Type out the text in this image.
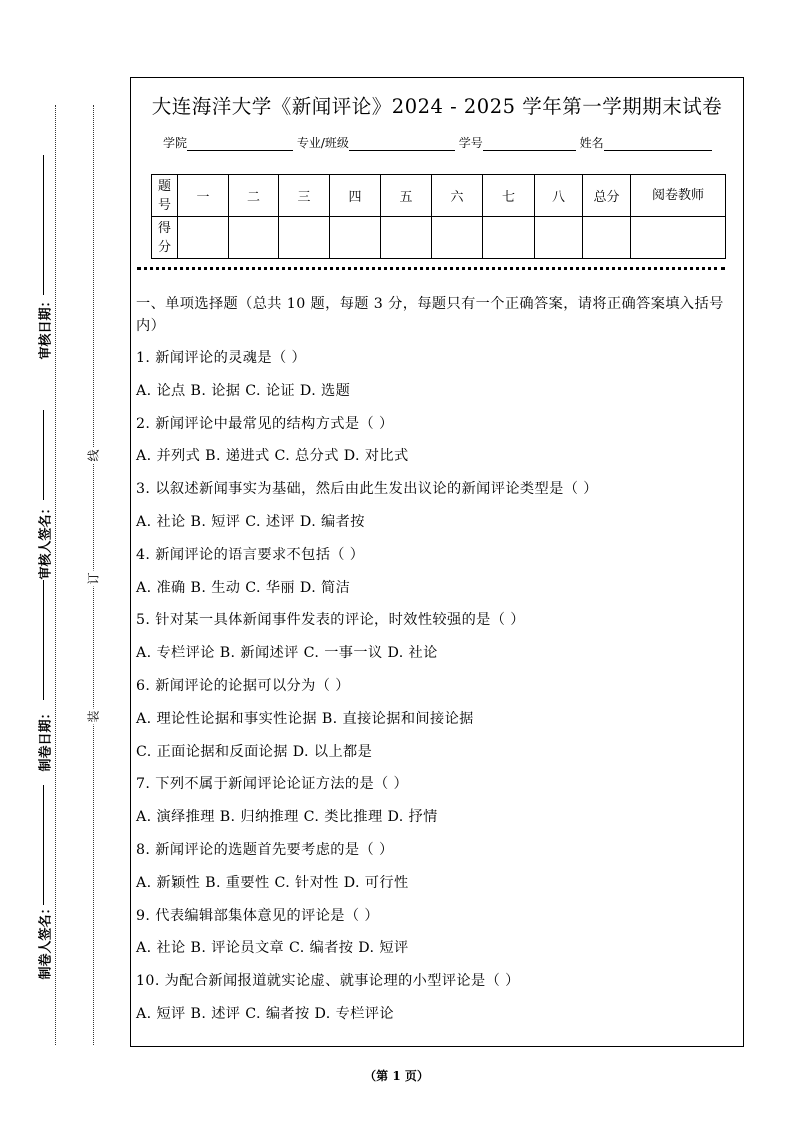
审核日期：
审核人签名：
制卷日期：
制卷人签名：
线
订
装
大连海洋大学《新闻评论》2024 - 2025 学年第一学期期末试卷
学院	专业/班级	学号	姓名
题号	一	二	三	四	五	六	七	八	总分	阅卷教师
得分										
一、单项选择题（总共 10 题，每题 3 分，每题只有一个正确答案，请将正确答案填入括号内）
1. 新闻评论的灵魂是（ ）
A. 论点 B. 论据 C. 论证 D. 选题
2. 新闻评论中最常见的结构方式是（ ）
A. 并列式 B. 递进式 C. 总分式 D. 对比式
3. 以叙述新闻事实为基础，然后由此生发出议论的新闻评论类型是（ ）
A. 社论 B. 短评 C. 述评 D. 编者按
4. 新闻评论的语言要求不包括（ ）
A. 准确 B. 生动 C. 华丽 D. 简洁
5. 针对某一具体新闻事件发表的评论，时效性较强的是（ ）
A. 专栏评论 B. 新闻述评 C. 一事一议 D. 社论
6. 新闻评论的论据可以分为（ ）
A. 理论性论据和事实性论据 B. 直接论据和间接论据
C. 正面论据和反面论据 D. 以上都是
7. 下列不属于新闻评论论证方法的是（ ）
A. 演绎推理 B. 归纳推理 C. 类比推理 D. 抒情
8. 新闻评论的选题首先要考虑的是（ ）
A. 新颖性 B. 重要性 C. 针对性 D. 可行性
9. 代表编辑部集体意见的评论是（ ）
A. 社论 B. 评论员文章 C. 编者按 D. 短评
10. 为配合新闻报道就实论虚、就事论理的小型评论是（ ）
A. 短评 B. 述评 C. 编者按 D. 专栏评论
（第 1 页）
